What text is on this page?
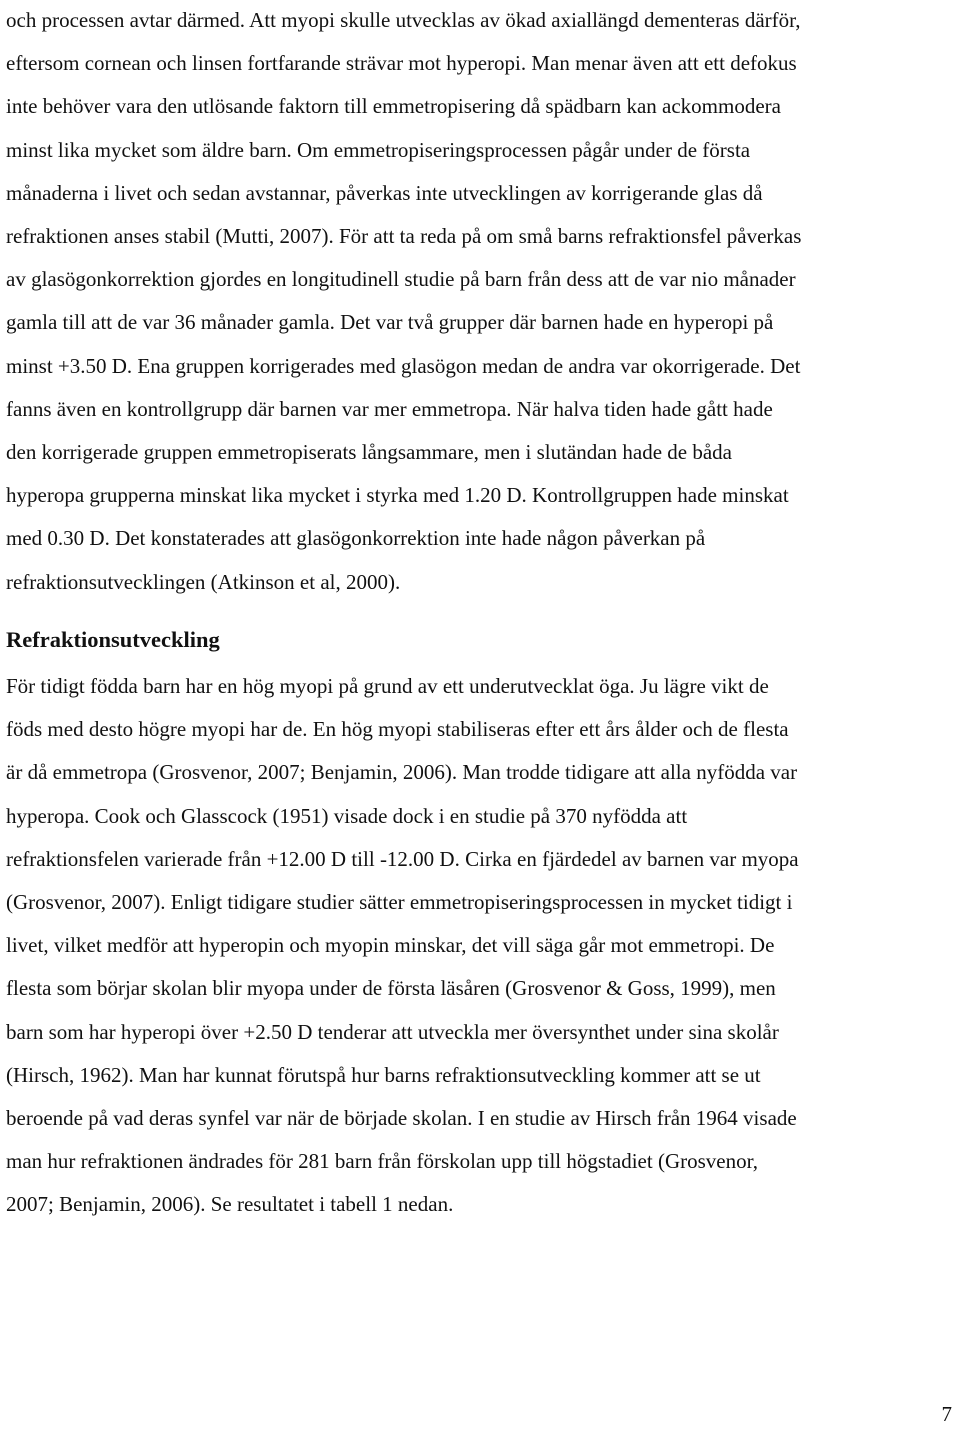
och processen avtar därmed. Att myopi skulle utvecklas av ökad axiallängd dementeras därför,
eftersom cornean och linsen fortfarande strävar mot hyperopi. Man menar även att ett defokus
inte behöver vara den utlösande faktorn till emmetropisering då spädbarn kan ackommodera
minst lika mycket som äldre barn. Om emmetropiseringsprocessen pågår under de första
månaderna i livet och sedan avstannar, påverkas inte utvecklingen av korrigerande glas då
refraktionen anses stabil (Mutti, 2007). För att ta reda på om små barns refraktionsfel påverkas
av glasögonkorrektion gjordes en longitudinell studie på barn från dess att de var nio månader
gamla till att de var 36 månader gamla. Det var två grupper där barnen hade en hyperopi på
minst +3.50 D. Ena gruppen korrigerades med glasögon medan de andra var okorrigerade. Det
fanns även en kontrollgrupp där barnen var mer emmetropa. När halva tiden hade gått hade
den korrigerade gruppen emmetropiserats långsammare, men i slutändan hade de båda
hyperopa grupperna minskat lika mycket i styrka med 1.20 D. Kontrollgruppen hade minskat
med 0.30 D. Det konstaterades att glasögonkorrektion inte hade någon påverkan på
refraktionsutvecklingen (Atkinson et al, 2000).

Refraktionsutveckling

För tidigt födda barn har en hög myopi på grund av ett underutvecklat öga. Ju lägre vikt de
föds med desto högre myopi har de. En hög myopi stabiliseras efter ett års ålder och de flesta
är då emmetropa (Grosvenor, 2007; Benjamin, 2006). Man trodde tidigare att alla nyfödda var
hyperopa. Cook och Glasscock (1951) visade dock i en studie på 370 nyfödda att
refraktionsfelen varierade från +12.00 D till -12.00 D. Cirka en fjärdedel av barnen var myopa
(Grosvenor, 2007). Enligt tidigare studier sätter emmetropiseringsprocessen in mycket tidigt i
livet, vilket medför att hyperopin och myopin minskar, det vill säga går mot emmetropi. De
flesta som börjar skolan blir myopa under de första läsåren (Grosvenor & Goss, 1999), men
barn som har hyperopi över +2.50 D tenderar att utveckla mer översynthet under sina skolår
(Hirsch, 1962). Man har kunnat förutspå hur barns refraktionsutveckling kommer att se ut
beroende på vad deras synfel var när de började skolan. I en studie av Hirsch från 1964 visade
man hur refraktionen ändrades för 281 barn från förskolan upp till högstadiet (Grosvenor,
2007; Benjamin, 2006). Se resultatet i tabell 1 nedan.

7
